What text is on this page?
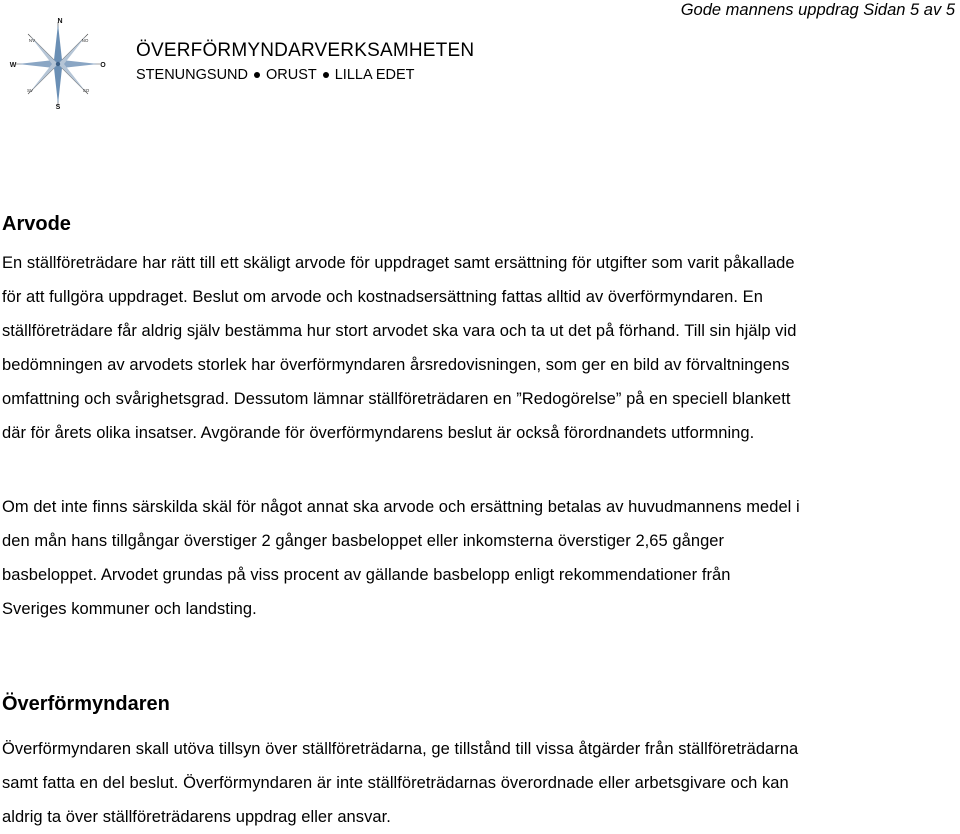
Gode mannens uppdrag Sidan 5 av 5
N
S
W	O
NV	NO
SV	SO
ÖVERFÖRMYNDARVERKSAMHETEN
STENUNGSUND ORUST LILLA EDET
Arvode

En ställföreträdare har rätt till ett skäligt arvode för uppdraget samt ersättning för utgifter som varit påkallade

för att fullgöra uppdraget. Beslut om arvode och kostnadsersättning fattas alltid av överförmyndaren. En

ställföreträdare får aldrig själv bestämma hur stort arvodet ska vara och ta ut det på förhand. Till sin hjälp vid

bedömningen av arvodets storlek har överförmyndaren årsredovisningen, som ger en bild av förvaltningens

omfattning och svårighetsgrad. Dessutom lämnar ställföreträdaren en ”Redogörelse” på en speciell blankett

där för årets olika insatser. Avgörande för överförmyndarens beslut är också förordnandets utformning.

Om det inte finns särskilda skäl för något annat ska arvode och ersättning betalas av huvudmannens medel i

den mån hans tillgångar överstiger 2 gånger basbeloppet eller inkomsterna överstiger 2,65 gånger

basbeloppet. Arvodet grundas på viss procent av gällande basbelopp enligt rekommendationer från

Sveriges kommuner och landsting.

Överförmyndaren

Överförmyndaren skall utöva tillsyn över ställföreträdarna, ge tillstånd till vissa åtgärder från ställföreträdarna

samt fatta en del beslut. Överförmyndaren är inte ställföreträdarnas överordnade eller arbetsgivare och kan

aldrig ta över ställföreträdarens uppdrag eller ansvar.
